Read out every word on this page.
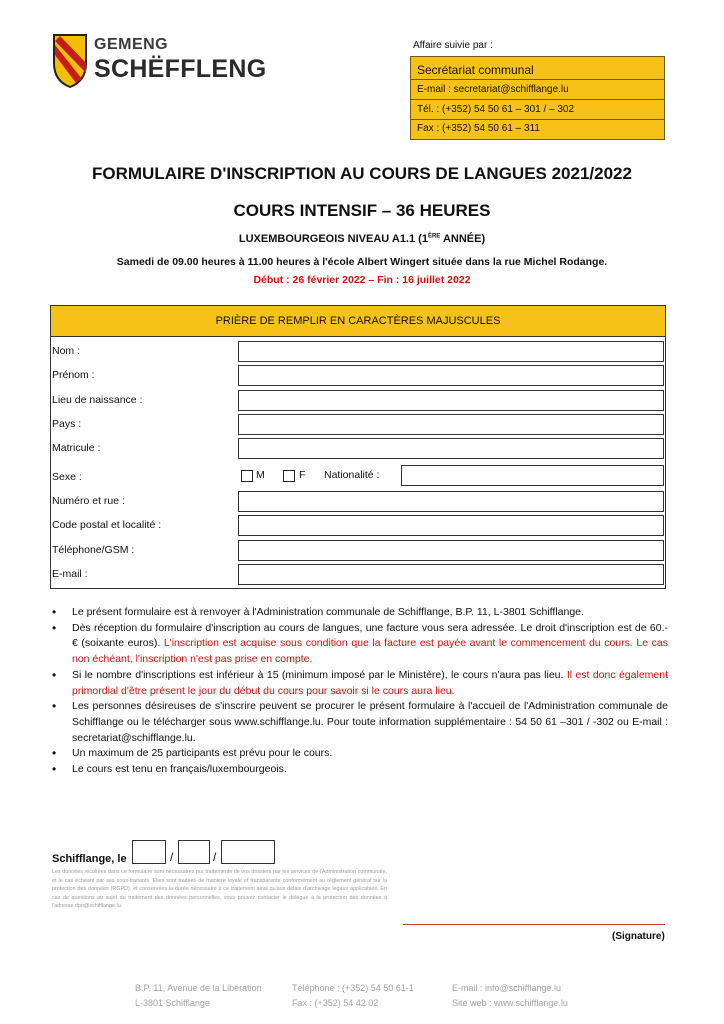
GEMENG
SCHËFFLENG
Affaire suivie par :
Secrétariat communal
E-mail : secretariat@schifflange.lu
Tél. : (+352) 54 50 61 – 301 / – 302
Fax : (+352) 54 50 61 – 311
FORMULAIRE D'INSCRIPTION AU COURS DE LANGUES 2021/2022
COURS INTENSIF – 36 HEURES
LUXEMBOURGEOIS NIVEAU A1.1 (1ÈRE ANNÉE)
Samedi de 09.00 heures à 11.00 heures à l'école Albert Wingert située dans la rue Michel Rodange.
Début : 26 février 2022 – Fin : 16 juillet 2022
PRIÈRE DE REMPLIR EN CARACTÈRES MAJUSCULES
Nom :
Prénom :
Lieu de naissance :
Pays :
Matricule :
Sexe :	M	F Nationalité :
Numéro et rue :
Code postal et localité :
Téléphone/GSM :
E-mail :
• Le présent formulaire est à renvoyer à l'Administration communale de Schifflange, B.P. 11, L-3801 Schifflange.
• Dès réception du formulaire d'inscription au cours de langues, une facture vous sera adressée. Le droit d'inscription est de 60.- € (soixante euros). L'inscription est acquise sous condition que la facture est payée avant le commencement du cours. Le cas non échéant, l'inscription n'est pas prise en compte.
• Si le nombre d'inscriptions est inférieur à 15 (minimum imposé par le Ministère), le cours n'aura pas lieu. Il est donc également primordial d'être présent le jour du début du cours pour savoir si le cours aura lieu.
• Les personnes désireuses de s'inscrire peuvent se procurer le présent formulaire à l'accueil de l'Administration communale de Schifflange ou le télécharger sous www.schifflange.lu. Pour toute information supplémentaire : 54 50 61 –301 / -302 ou E-mail : secretariat@schifflange.lu.
• Un maximum de 25 participants est prévu pour le cours.
• Le cours est tenu en français/luxembourgeois.
Schifflange, le	/	/
Les données récoltées dans ce formulaire sont nécessaires pur traitemente de vos dossiers par les services de l'Administration communale, et le cas échéant par ses sous-traitants. Elles sont traitées de manière loyale et transparente conformément au règlement général sur la protection des données (RGPD), et conservées la durée nécessaire à ce traitement ainsi qu'aux délais d'archivage légaux applicables. En cas de questions au sujet du traitement des données personnelles, vous pouvez contacter le délégué à la protection des données à l'adresse dpo@schifflange.lu.
(Signature)
B.P. 11, Avenue de la Libération
L-3801 Schifflange
Téléphone : (+352) 54 50 61-1
Fax : (+352) 54 42 02
E-mail : info@schifflange.lu
Site web : www.schifflange.lu
